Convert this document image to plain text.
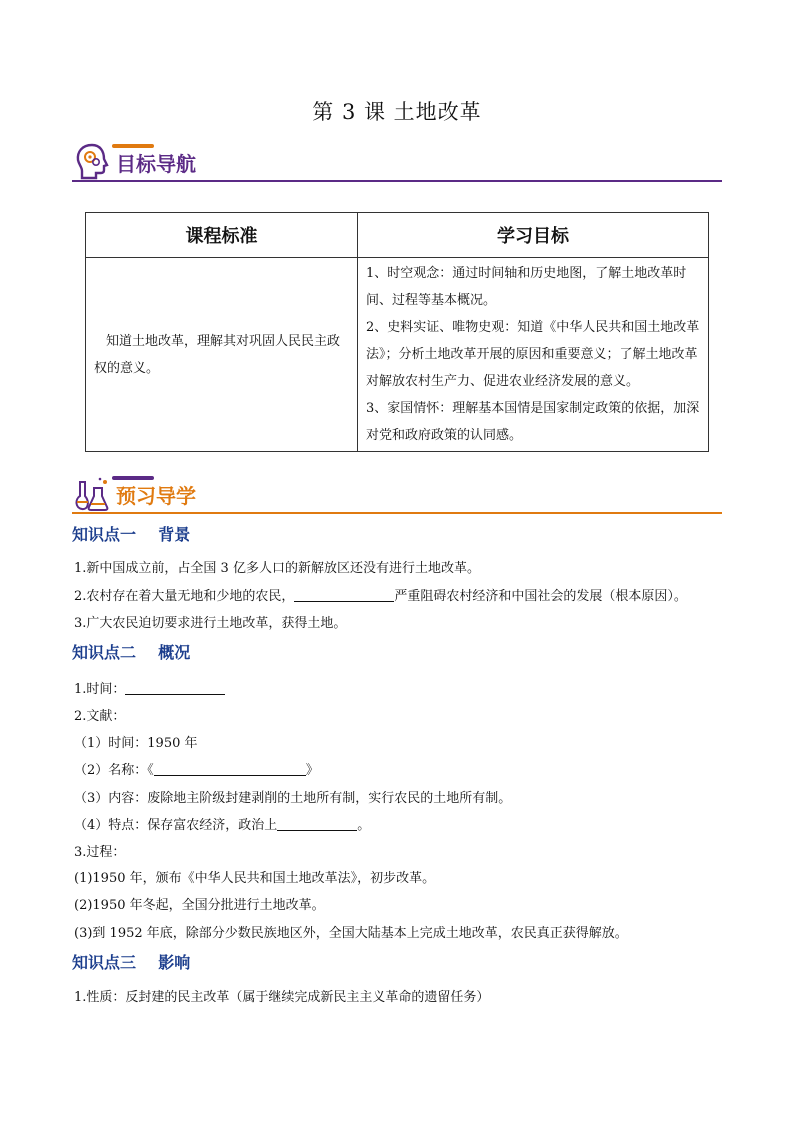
第 3 课 土地改革
目标导航
课程标准	学习目标
知道土地改革，理解其对巩固人民民主政权的意义。	1、时空观念：通过时间轴和历史地图，了解土地改革时间、过程等基本概况。

2、史料实证、唯物史观：知道《中华人民共和国土地改革法》；分析土地改革开展的原因和重要意义；了解土地改革对解放农村生产力、促进农业经济发展的意义。

3、家国情怀：理解基本国情是国家制定政策的依据，加深对党和政府政策的认同感。

预习导学
知识点一    背景
1.新中国成立前，占全国 3 亿多人口的新解放区还没有进行土地改革。
2.农村存在着大量无地和少地的农民，	严重阻碍农村经济和中国社会的发展（根本原因）。
3.广大农民迫切要求进行土地改革，获得土地。
知识点二    概况
1.时间：
2.文献：
（1）时间：1950 年
（2）名称：《	》
（3）内容：废除地主阶级封建剥削的土地所有制，实行农民的土地所有制。
（4）特点：保存富农经济，政治上	。
3.过程：
(1)1950 年，颁布《中华人民共和国土地改革法》，初步改革。
(2)1950 年冬起，全国分批进行土地改革。
(3)到 1952 年底，除部分少数民族地区外，全国大陆基本上完成土地改革，农民真正获得解放。
知识点三    影响
1.性质：反封建的民主改革（属于继续完成新民主主义革命的遗留任务）
